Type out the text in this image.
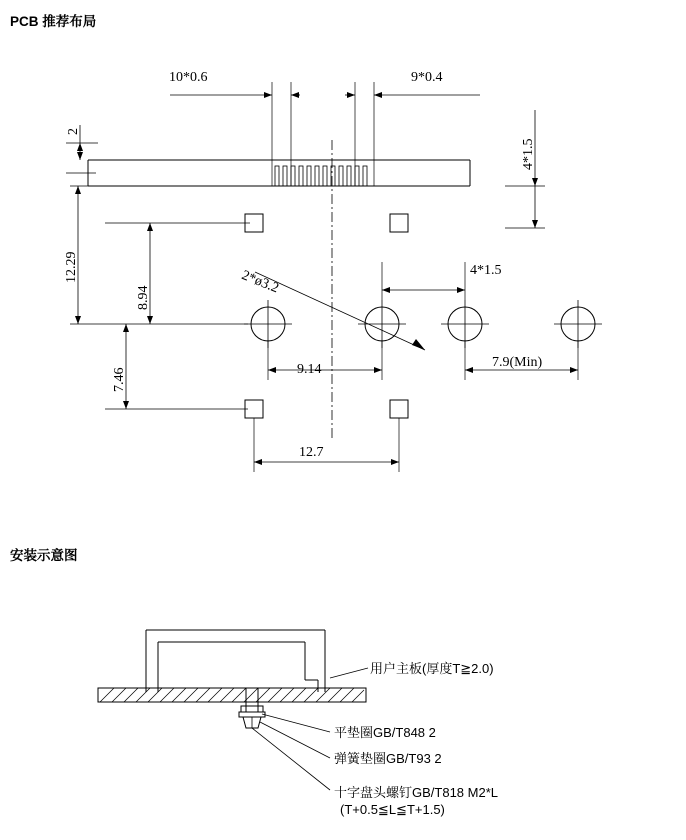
PCB 推荐布局
安装示意图
10*0.6	9*0.4
2
4*1.5
12.29
8.94
7.46
2*ø3.2	4*1.5
9.14	7.9(Min)
12.7
用户主板(厚度T≧2.0)
平垫圈GB/T848 2
弹簧垫圈GB/T93 2
十字盘头螺钉GB/T818 M2*L
(T+0.5≦L≦T+1.5)
